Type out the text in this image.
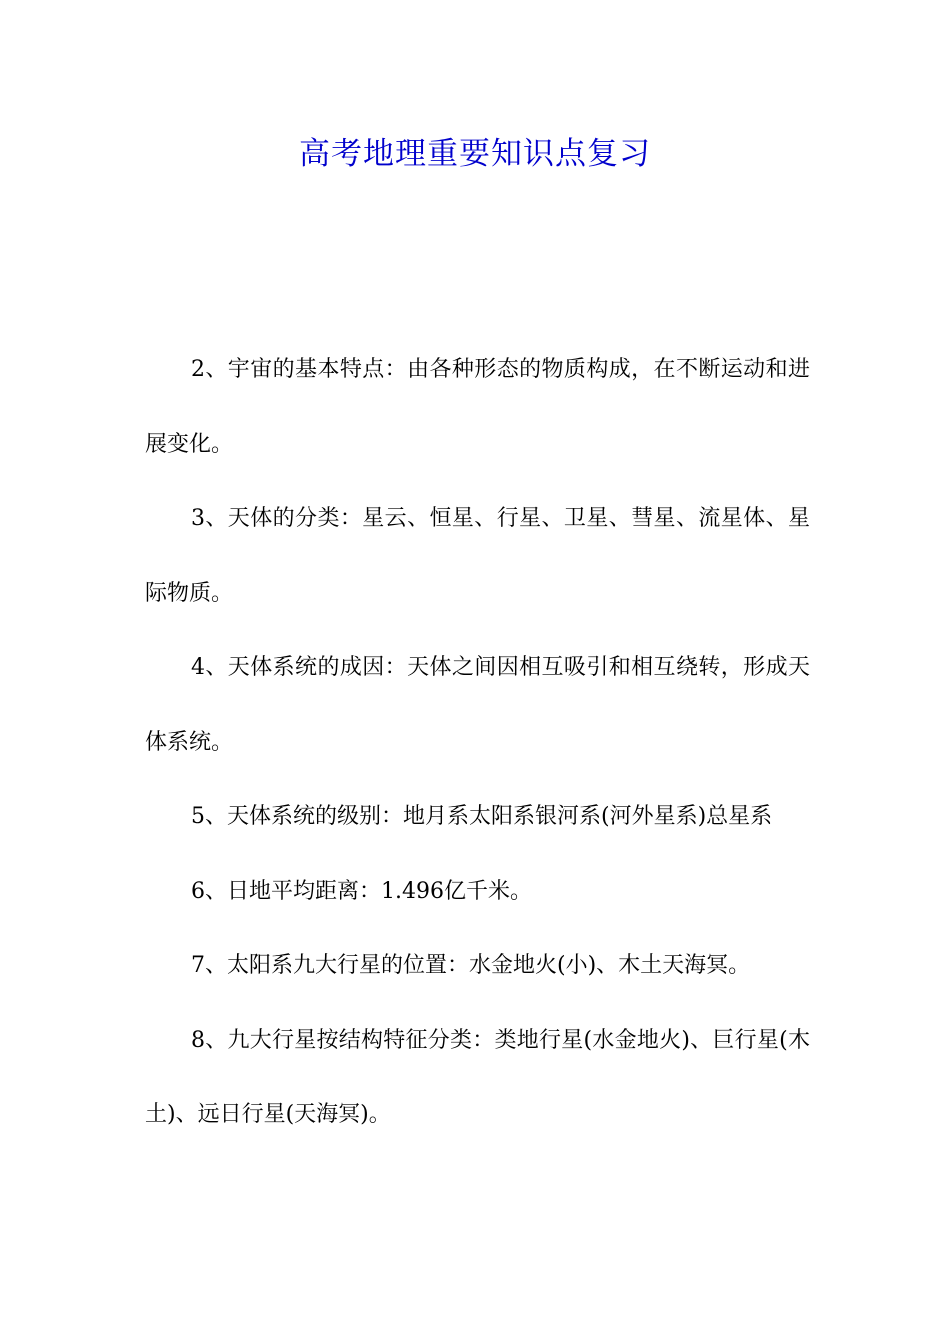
高考地理重要知识点复习

2、宇宙的基本特点：由各种形态的物质构成，在不断运动和进展变化。

3、天体的分类：星云、恒星、行星、卫星、彗星、流星体、星际物质。

4、天体系统的成因：天体之间因相互吸引和相互绕转，形成天体系统。

5、天体系统的级别：地月系太阳系银河系(河外星系)总星系

6、日地平均距离：1.496亿千米。

7、太阳系九大行星的位置：水金地火(小)、木土天海冥。

8、九大行星按结构特征分类：类地行星(水金地火)、巨行星(木土)、远日行星(天海冥)。
